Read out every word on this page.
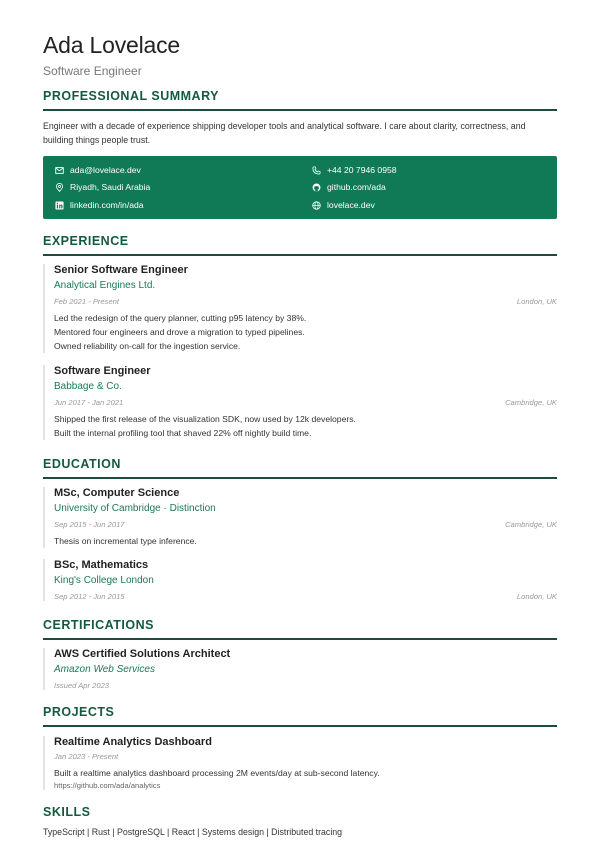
Ada Lovelace
Software Engineer
PROFESSIONAL SUMMARY
Engineer with a decade of experience shipping developer tools and analytical software. I care about clarity, correctness, and building things people trust.
ada@lovelace.dev	+44 20 7946 0958
Riyadh, Saudi Arabia	github.com/ada
linkedin.com/in/ada	lovelace.dev
EXPERIENCE
Senior Software Engineer
Analytical Engines Ltd.
Feb 2021 - Present	London, UK
Led the redesign of the query planner, cutting p95 latency by 38%.
Mentored four engineers and drove a migration to typed pipelines.
Owned reliability on-call for the ingestion service.
Software Engineer
Babbage & Co.
Jun 2017 - Jan 2021	Cambridge, UK
Shipped the first release of the visualization SDK, now used by 12k developers.
Built the internal profiling tool that shaved 22% off nightly build time.
EDUCATION
MSc, Computer Science
University of Cambridge · Distinction
Sep 2015 - Jun 2017	Cambridge, UK
Thesis on incremental type inference.
BSc, Mathematics
King's College London
Sep 2012 - Jun 2015	London, UK
CERTIFICATIONS
AWS Certified Solutions Architect
Amazon Web Services
Issued Apr 2023
PROJECTS
Realtime Analytics Dashboard
Jan 2023 - Present
Built a realtime analytics dashboard processing 2M events/day at sub-second latency.
https://github.com/ada/analytics
SKILLS
TypeScript | Rust | PostgreSQL | React | Systems design | Distributed tracing
